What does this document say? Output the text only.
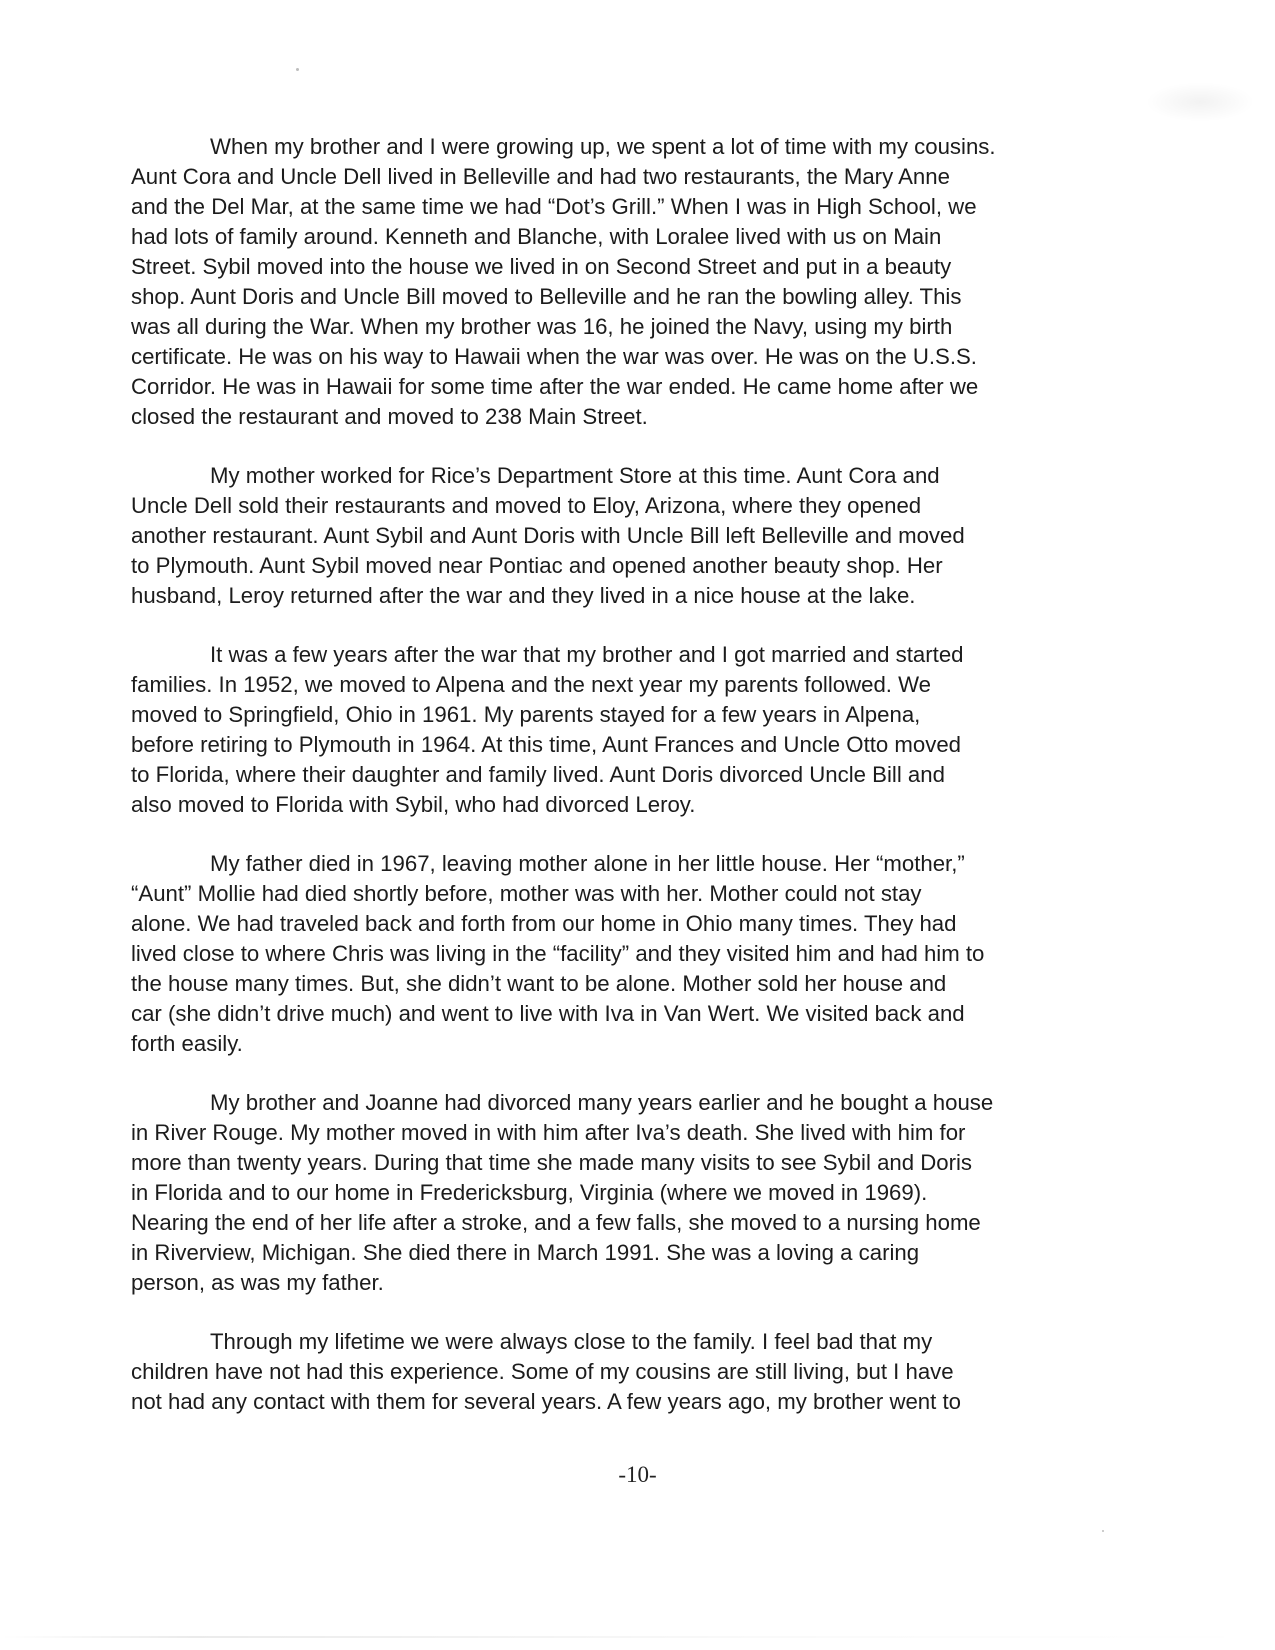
When my brother and I were growing up, we spent a lot of time with my cousins.
Aunt Cora and Uncle Dell lived in Belleville and had two restaurants, the Mary Anne
and the Del Mar, at the same time we had “Dot’s Grill.” When I was in High School, we
had lots of family around. Kenneth and Blanche, with Loralee lived with us on Main
Street. Sybil moved into the house we lived in on Second Street and put in a beauty
shop. Aunt Doris and Uncle Bill moved to Belleville and he ran the bowling alley. This
was all during the War. When my brother was 16, he joined the Navy, using my birth
certificate. He was on his way to Hawaii when the war was over. He was on the U.S.S.
Corridor. He was in Hawaii for some time after the war ended. He came home after we
closed the restaurant and moved to 238 Main Street.

My mother worked for Rice’s Department Store at this time. Aunt Cora and
Uncle Dell sold their restaurants and moved to Eloy, Arizona, where they opened
another restaurant. Aunt Sybil and Aunt Doris with Uncle Bill left Belleville and moved
to Plymouth. Aunt Sybil moved near Pontiac and opened another beauty shop. Her
husband, Leroy returned after the war and they lived in a nice house at the lake.

It was a few years after the war that my brother and I got married and started
families. In 1952, we moved to Alpena and the next year my parents followed. We
moved to Springfield, Ohio in 1961. My parents stayed for a few years in Alpena,
before retiring to Plymouth in 1964. At this time, Aunt Frances and Uncle Otto moved
to Florida, where their daughter and family lived. Aunt Doris divorced Uncle Bill and
also moved to Florida with Sybil, who had divorced Leroy.

My father died in 1967, leaving mother alone in her little house. Her “mother,”
“Aunt” Mollie had died shortly before, mother was with her. Mother could not stay
alone. We had traveled back and forth from our home in Ohio many times. They had
lived close to where Chris was living in the “facility” and they visited him and had him to
the house many times. But, she didn’t want to be alone. Mother sold her house and
car (she didn’t drive much) and went to live with Iva in Van Wert. We visited back and
forth easily.

My brother and Joanne had divorced many years earlier and he bought a house
in River Rouge. My mother moved in with him after Iva’s death. She lived with him for
more than twenty years. During that time she made many visits to see Sybil and Doris
in Florida and to our home in Fredericksburg, Virginia (where we moved in 1969).
Nearing the end of her life after a stroke, and a few falls, she moved to a nursing home
in Riverview, Michigan. She died there in March 1991. She was a loving a caring
person, as was my father.

Through my lifetime we were always close to the family. I feel bad that my
children have not had this experience. Some of my cousins are still living, but I have
not had any contact with them for several years. A few years ago, my brother went to

-10-
